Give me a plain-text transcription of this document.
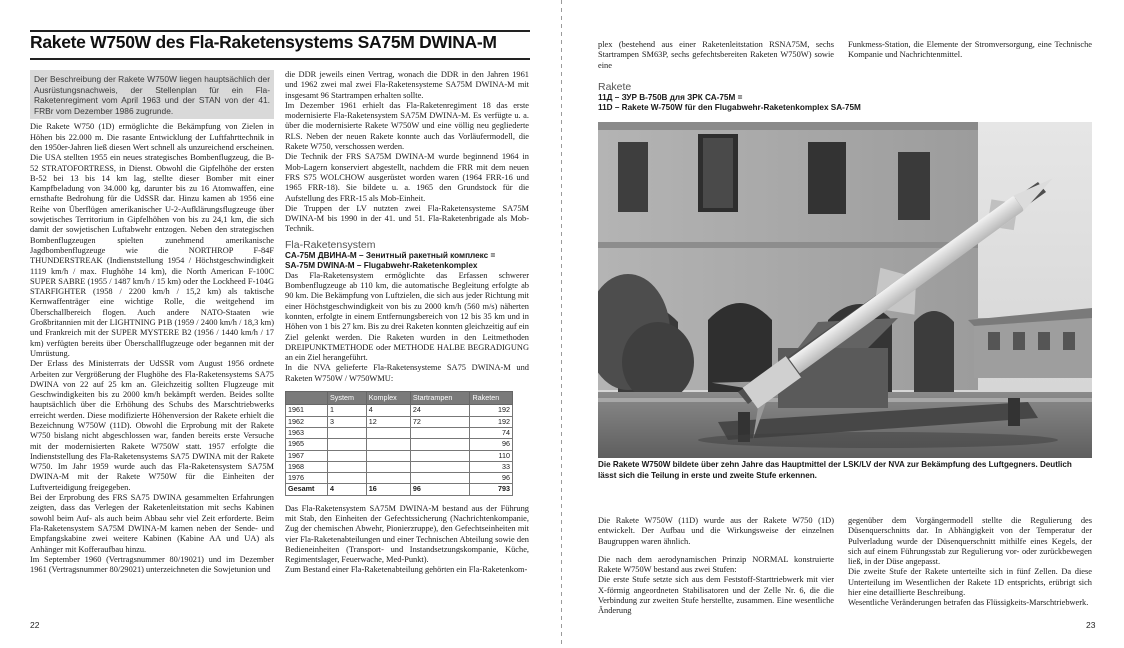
Rakete W750W des Fla-Raketensystems SA75M DWINA-M
Der Beschreibung der Rakete W750W liegen hauptsächlich der Ausrüstungsnachweis, der Stellenplan für ein Fla-Raketenregiment vom April 1963 und der STAN von der 41. FRBr vom Dezember 1986 zugrunde.

Die Rakete W750 (1D) ermöglichte die Bekämpfung von Zielen in Höhen bis 22.000 m. Die rasante Entwicklung der Luftfahrttechnik in den 1950er-Jahren ließ diesen Wert schnell als unzureichend erscheinen. Die USA stellten 1955 ein neues strategisches Bombenflugzeug, die B-52 STRATOFORTRESS, in Dienst. Obwohl die Gipfelhöhe der ersten B-52 bei 13 bis 14 km lag, stellte dieser Bomber mit einer Kampfbeladung von 34.000 kg, darunter bis zu 16 Atomwaffen, eine ernsthafte Bedrohung für die UdSSR dar. Hinzu kamen ab 1956 eine Reihe von Überflügen amerikanischer U-2-Aufklärungsflugzeuge über sowjetisches Territorium in Gipfelhöhen von bis zu 24,1 km, die sich damit der sowjetischen Luftabwehr entzogen. Neben den strategischen Bombenflugzeugen spielten zunehmend amerikanische Jagdbombenflugzeuge wie die NORTHROP F-84F THUNDERSTREAK (Indienststellung 1954 / Höchstgeschwindigkeit 1119 km/h / max. Flughöhe 14 km), die North American F-100C SUPER SABRE (1955 / 1487 km/h / 15 km) oder the Lockheed F-104G STARFIGHTER (1958 / 2200 km/h / 15,2 km) als taktische Kernwaffenträger eine wichtige Rolle, die weitgehend im Überschallbereich flogen. Auch andere NATO-Staaten wie Großbritannien mit der LIGHTNING P1B (1959 / 2400 km/h / 18,3 km) und Frankreich mit der SUPER MYSTERE B2 (1956 / 1440 km/h / 17 km) verfügten bereits über Überschallflugzeuge oder begannen mit der Umrüstung.

Der Erlass des Ministerrats der UdSSR vom August 1956 ordnete Arbeiten zur Vergrößerung der Flughöhe des Fla-Raketensystems SA75 DWINA von 22 auf 25 km an. Gleichzeitig sollten Flugzeuge mit Geschwindigkeiten bis zu 2000 km/h bekämpft werden. Beides sollte hauptsächlich über die Erhöhung des Schubs des Marschtriebwerks erreicht werden. Diese modifizierte Höhenversion der Rakete erhielt die Bezeichnung W750W (11D). Obwohl die Erprobung mit der Rakete W750 bislang nicht abgeschlossen war, fanden bereits erste Versuche mit der modernisierten Rakete W750W statt. 1957 erfolgte die Indienststellung des Fla-Raketensystems SA75 DWINA mit der Rakete W750. Im Jahr 1959 wurde auch das Fla-Raketensystem SA75M DWINA-M mit der Rakete W750W für die Einheiten der Luftverteidigung freigegeben.

Bei der Erprobung des FRS SA75 DWINA gesammelten Erfahrungen zeigten, dass das Verlegen der Raketenleitstation mit sechs Kabinen sowohl beim Auf- als auch beim Abbau sehr viel Zeit erforderte. Beim Fla-Raketensystem SA75M DWINA-M kamen neben der Sende- und Empfangskabine zwei weitere Kabinen (Kabine AA und UA) als Anhänger mit Kofferaufbau hinzu.

Im September 1960 (Vertragsnummer 80/19021) und im Dezember 1961 (Vertragsnummer 80/29021) unterzeichneten die Sowjetunion und

die DDR jeweils einen Vertrag, wonach die DDR in den Jahren 1961 und 1962 zwei mal zwei Fla-Raketensysteme SA75M DWINA-M mit insgesamt 96 Startrampen erhalten sollte.

Im Dezember 1961 erhielt das Fla-Raketenregiment 18 das erste modernisierte Fla-Raketensystem SA75M DWINA-M. Es verfügte u. a. über die modernisierte Rakete W750W und eine völlig neu gegliederte RLS. Neben der neuen Rakete konnte auch das Vorläufermodell, die Rakete W750, verschossen werden.

Die Technik der FRS SA75M DWINA-M wurde beginnend 1964 in Mob-Lagern konserviert abgestellt, nachdem die FRR mit dem neuen FRS S75 WOLCHOW ausgerüstet worden waren (1964 FRR-16 und 1965 FRR-18). Sie bildete u. a. 1965 den Grundstock für die Aufstellung des FRR-15 als Mob-Einheit.

Die Truppen der LV nutzten zwei Fla-Raketensysteme SA75M DWINA-M bis 1990 in der 41. und 51. Fla-Raketenbrigade als Mob-Technik.

Fla-Raketensystem
CA-75M ДВИНА-М – Зенитный ракетный комплекс =
SA-75M DWINA-M – Flugabwehr-Raketenkomplex

Das Fla-Raketensystem ermöglichte das Erfassen schwerer Bombenflugzeuge ab 110 km, die automatische Begleitung erfolgte ab 90 km. Die Bekämpfung von Luftzielen, die sich aus jeder Richtung mit einer Höchstgeschwindigkeit von bis zu 2000 km/h (560 m/s) näherten konnten, erfolgte in einem Entfernungsbereich von 12 bis 35 km und in Höhen von 1 bis 27 km. Bis zu drei Raketen konnten gleichzeitig auf ein Ziel gelenkt werden. Die Raketen wurden in den Leitmethoden DREIPUNKTMETHODE oder METHODE HALBE BEGRADIGUNG an ein Ziel herangeführt.

In die NVA gelieferte Fla-Raketensysteme SA75 DWINA-M und Raketen W750W / W750WMU:

	System	Komplex	Startrampen	Raketen
1961	1	4	24	192
1962	3	12	72	192
1963				74
1965				96
1967				110
1968				33
1976				96
Gesamt	4	16	96	793

Das Fla-Raketensystem SA75M DWINA-M bestand aus der Führung mit Stab, den Einheiten der Gefechtssicherung (Nachrichtenkompanie, Zug der chemischen Abwehr, Pionierzruppe), den Gefechtseinheiten mit vier Fla-Raketenabteilungen und einer Technischen Abteilung sowie den Bedieneinheiten (Transport- und Instandsetzungskompanie, Küche, Regimentslager, Feuerwache, Med-Punkt).

Zum Bestand einer Fla-Raketenabteilung gehörten ein Fla-Raketenkom-

22

plex (bestehend aus einer Raketenleitstation RSNA75M, sechs Startrampen SM63P, sechs gefechtsbereiten Raketen W750W) sowie eine

Rakete
11Д – ЗУР В-750В для ЗРК СА-75М =
11D – Rakete W-750W für den Flugabwehr-Raketenkomplex SA-75M

Funkmess-Station, die Elemente der Stromversorgung, eine Technische Kompanie und Nachrichtenmittel.

Die Rakete W750W bildete über zehn Jahre das Hauptmittel der LSK/LV der NVA zur Bekämpfung des Luftgegners. Deutlich lässt sich die Teilung in erste und zweite Stufe erkennen.

Die Rakete W750W (11D) wurde aus der Rakete W750 (1D) entwickelt. Der Aufbau und die Wirkungsweise der einzelnen Baugruppen waren ähnlich.

Die nach dem aerodynamischen Prinzip NORMAL konstruierte Rakete W750W bestand aus zwei Stufen:

Die erste Stufe setzte sich aus dem Feststoff-Starttriebwerk mit vier X-förmig angeordneten Stabilisatoren und der Zelle Nr. 6, die die Verbindung zur zweiten Stufe herstellte, zusammen. Eine wesentliche Änderung

gegenüber dem Vorgängermodell stellte die Regulierung des Düsenquerschnitts dar. In Abhängigkeit von der Temperatur der Pulverladung wurde der Düsenquerschnitt mithilfe eines Kegels, der sich auf einem Führungsstab zur Regulierung vor- oder zurückbewegen ließ, in der Düse angepasst.

Die zweite Stufe der Rakete unterteilte sich in fünf Zellen. Da diese Unterteilung im Wesentlichen der Rakete 1D entsprichts, erübrigt sich hier eine detaillierte Beschreibung.

Wesentliche Veränderungen betrafen das Flüssigkeits-Marschtriebwerk.

23
